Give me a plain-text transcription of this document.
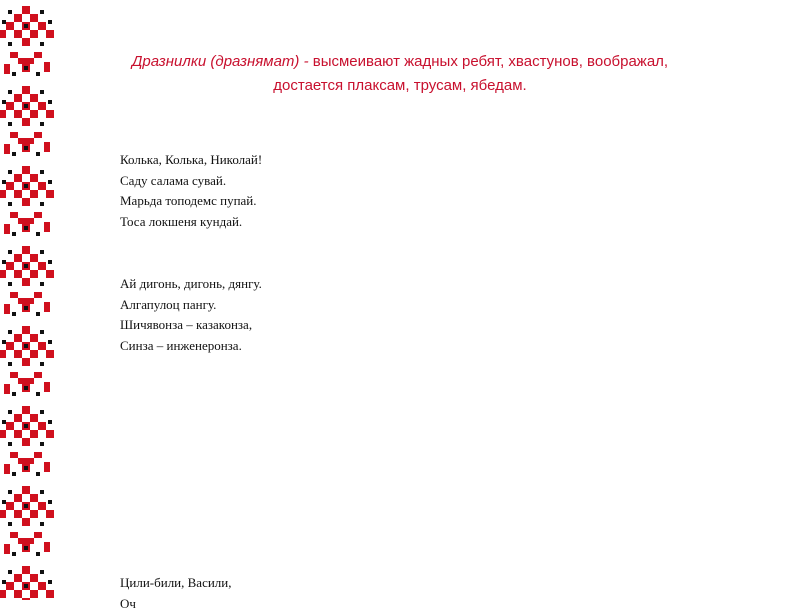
Дразнилки (дразнямат) - высмеивают жадных ребят, хвастунов, воображал, достается плаксам, трусам, ябедам.
Колька, Колька, Николай!
Саду салама сувай.
Марьда топодемс пупай.
Тоса локшеня кундай.
Ай дигонь, дигонь, дянгу.
Алгапулоц пангу.
Шичявонза – казаконза,
Синза – инженеронза.
Цили-били, Васили,
Оч
